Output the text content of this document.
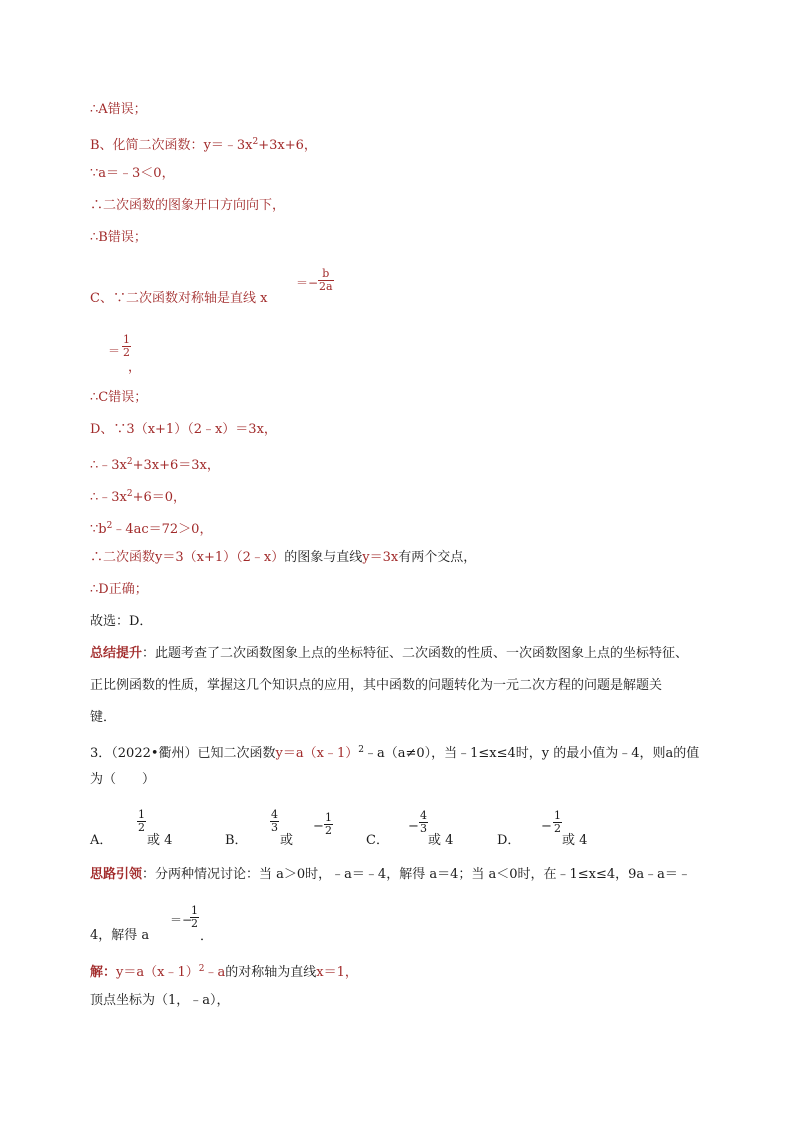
∴A错误；
B、化简二次函数：$y=﹣3x^2+3x+6$，
∵a＝﹣3＜0，
∴二次函数的图象开口方向向下，
∴B错误；
C、∵二次函数对称轴是直线 x
＝− $\frac{b}{2a}$
＝ $\frac{1}{2}$
，
∴C错误；
D、∵3（x+1）（2﹣x）＝3x，
$\therefore﹣3x^2+3x+6=3x$，
$\therefore﹣3x^2+6=0$，
$\because b^2﹣4ac=72>0$，
∴二次函数y＝3（x+1）（2﹣x）的图象与直线y＝3x有两个交点，
∴D正确；
故选：D．
总结提升：此题考查了二次函数图象上点的坐标特征、二次函数的性质、一次函数图象上点的坐标特征、
正比例函数的性质，掌握这几个知识点的应用，其中函数的问题转化为一元二次方程的问题是解题关
键．
3．（2022•衢州）已知二次函数y＝a（x﹣1）$^2$﹣a（a≠0），当﹣1≤x≤4时，y 的最小值为﹣4，则a的值
为（　　）
A．
$\frac{1}{2}$
或 4	B．
$\frac{4}{3}$
或
− $\frac{1}{2}$
C．
− $\frac{4}{3}$
或 4	D．
− $\frac{1}{2}$
或 4
思路引领：分两种情况讨论：当 a＞0时，﹣a＝﹣4，解得 a＝4；当 a＜0时，在﹣1≤x≤4，9a﹣a＝﹣
4，解得 a
＝−
$\frac{1}{2}$
．
解：y＝a（x﹣1）$^2$﹣a的对称轴为直线x＝1，
顶点坐标为（1，﹣a），
